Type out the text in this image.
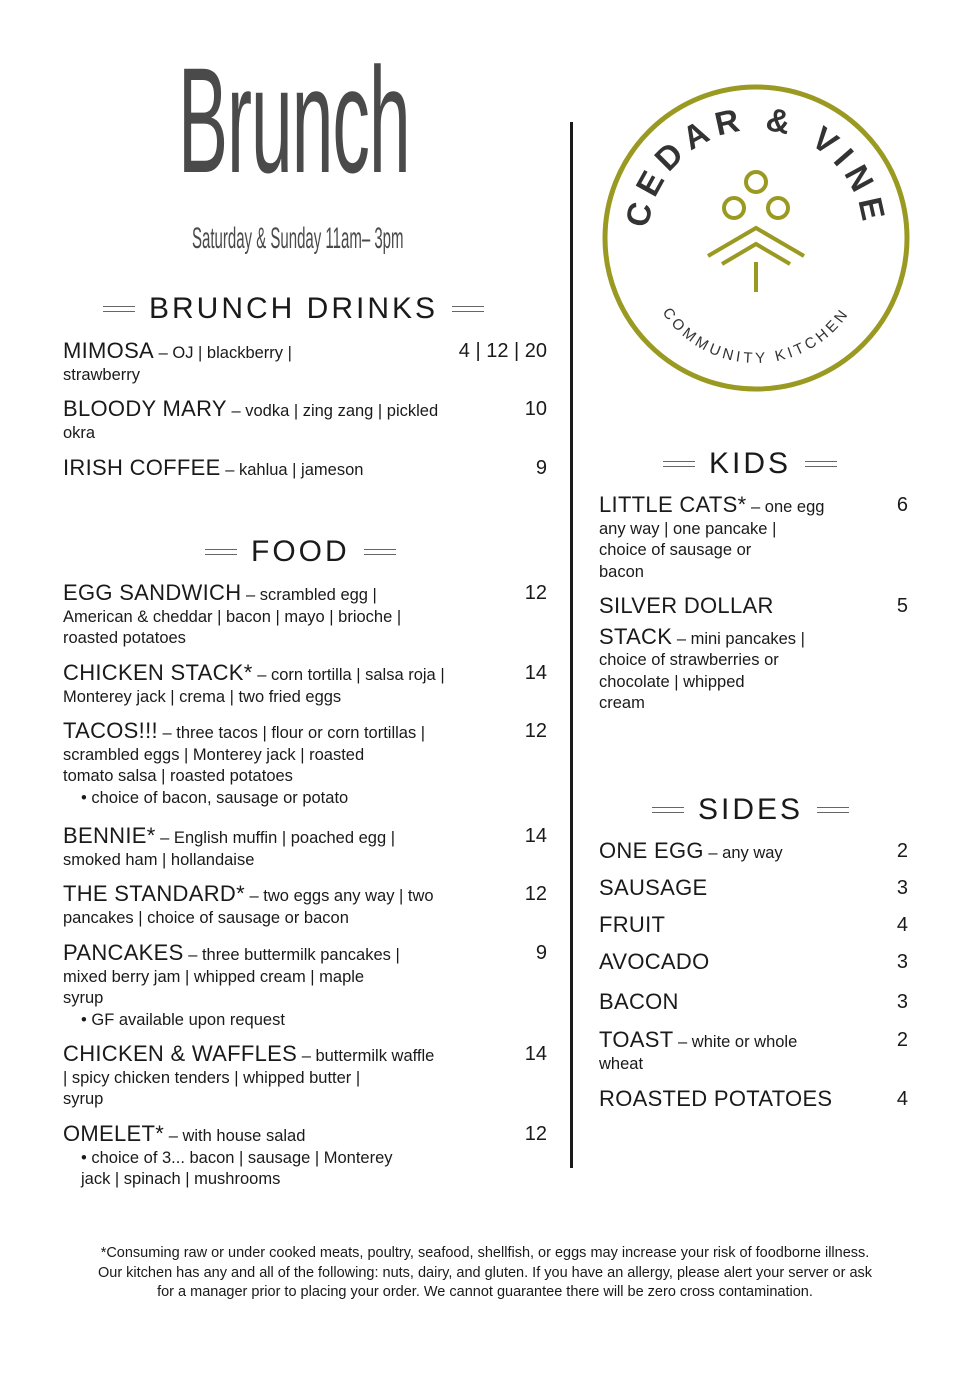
Brunch
Saturday & Sunday 11am– 3pm
CEDAR & VINE
COMMUNITY KITCHEN
BRUNCH DRINKS
MIMOSA – OJ | blackberry |
strawberry
4 | 12 | 20
BLOODY MARY – vodka | zing zang | pickled
okra
10
IRISH COFFEE – kahlua | jameson	9
FOOD
EGG SANDWICH – scrambled egg |
American & cheddar | bacon | mayo | brioche |
roasted potatoes
12
CHICKEN STACK* – corn tortilla | salsa roja |
Monterey jack | crema | two fried eggs
14
TACOS!!! – three tacos | flour or corn tortillas |
scrambled eggs | Monterey jack | roasted
tomato salsa | roasted potatoes
• choice of bacon, sausage or potato
12
BENNIE* – English muffin | poached egg |
smoked ham | hollandaise
14
THE STANDARD* – two eggs any way | two
pancakes | choice of sausage or bacon
12
PANCAKES – three buttermilk pancakes |
mixed berry jam | whipped cream | maple
syrup
• GF available upon request
9
CHICKEN & WAFFLES – buttermilk waffle
| spicy chicken tenders | whipped butter |
syrup
14
OMELET* – with house salad
• choice of 3... bacon | sausage | Monterey
jack | spinach | mushrooms
12
KIDS
LITTLE CATS* – one egg
any way | one pancake |
choice of sausage or
bacon
6
SILVER DOLLAR
STACK – mini pancakes |
choice of strawberries or
chocolate | whipped
cream
5
SIDES
ONE EGG – any way	2
SAUSAGE	3
FRUIT	4
AVOCADO	3
BACON	3
TOAST – white or whole
wheat
2
ROASTED POTATOES	4
*Consuming raw or under cooked meats, poultry, seafood, shellfish, or eggs may increase your risk of foodborne illness. Our kitchen has any and all of the following: nuts, dairy, and gluten. If you have an allergy, please alert your server or ask for a manager prior to placing your order. We cannot guarantee there will be zero cross contamination.
